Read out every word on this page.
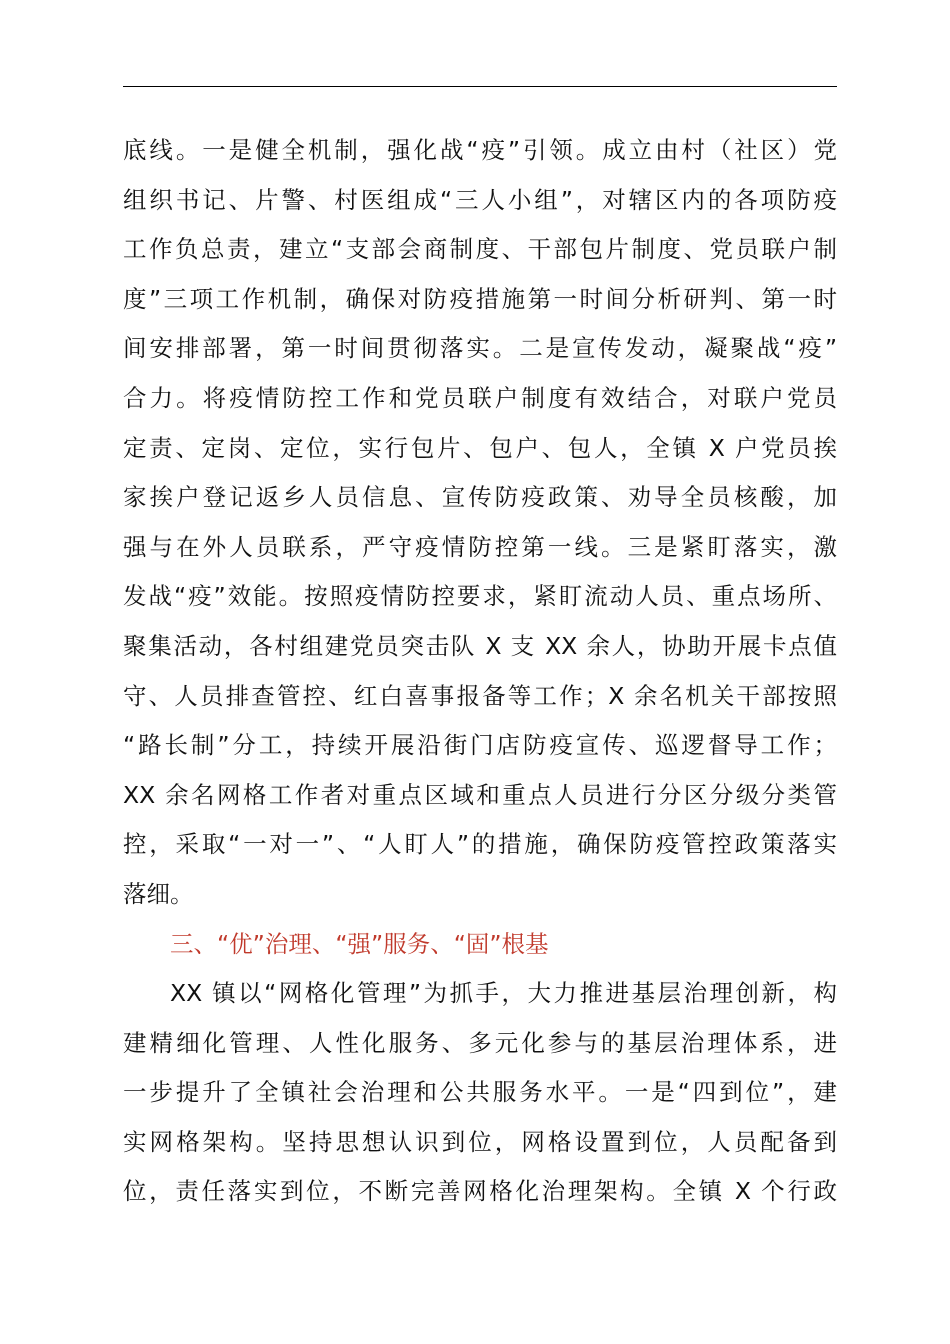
底线。一是健全机制，强化战“疫”引领。成立由村（社区）党
组织书记、片警、村医组成“三人小组”，对辖区内的各项防疫
工作负总责，建立“支部会商制度、干部包片制度、党员联户制
度”三项工作机制，确保对防疫措施第一时间分析研判、第一时
间安排部署，第一时间贯彻落实。二是宣传发动，凝聚战“疫”
合力。将疫情防控工作和党员联户制度有效结合，对联户党员
定责、定岗、定位，实行包片、包户、包人，全镇 X 户党员挨
家挨户登记返乡人员信息、宣传防疫政策、劝导全员核酸，加
强与在外人员联系，严守疫情防控第一线。三是紧盯落实，激
发战“疫”效能。按照疫情防控要求，紧盯流动人员、重点场所、
聚集活动，各村组建党员突击队 X 支 XX 余人，协助开展卡点值
守、人员排查管控、红白喜事报备等工作；X 余名机关干部按照
“路长制”分工，持续开展沿街门店防疫宣传、巡逻督导工作；
XX 余名网格工作者对重点区域和重点人员进行分区分级分类管
控，采取“一对一”、“人盯人”的措施，确保防疫管控政策落实
落细。
三、“优”治理、“强”服务、“固”根基
XX 镇以“网格化管理”为抓手，大力推进基层治理创新，构
建精细化管理、人性化服务、多元化参与的基层治理体系，进
一步提升了全镇社会治理和公共服务水平。一是“四到位”，建
实网格架构。坚持思想认识到位，网格设置到位，人员配备到
位，责任落实到位，不断完善网格化治理架构。全镇 X 个行政
